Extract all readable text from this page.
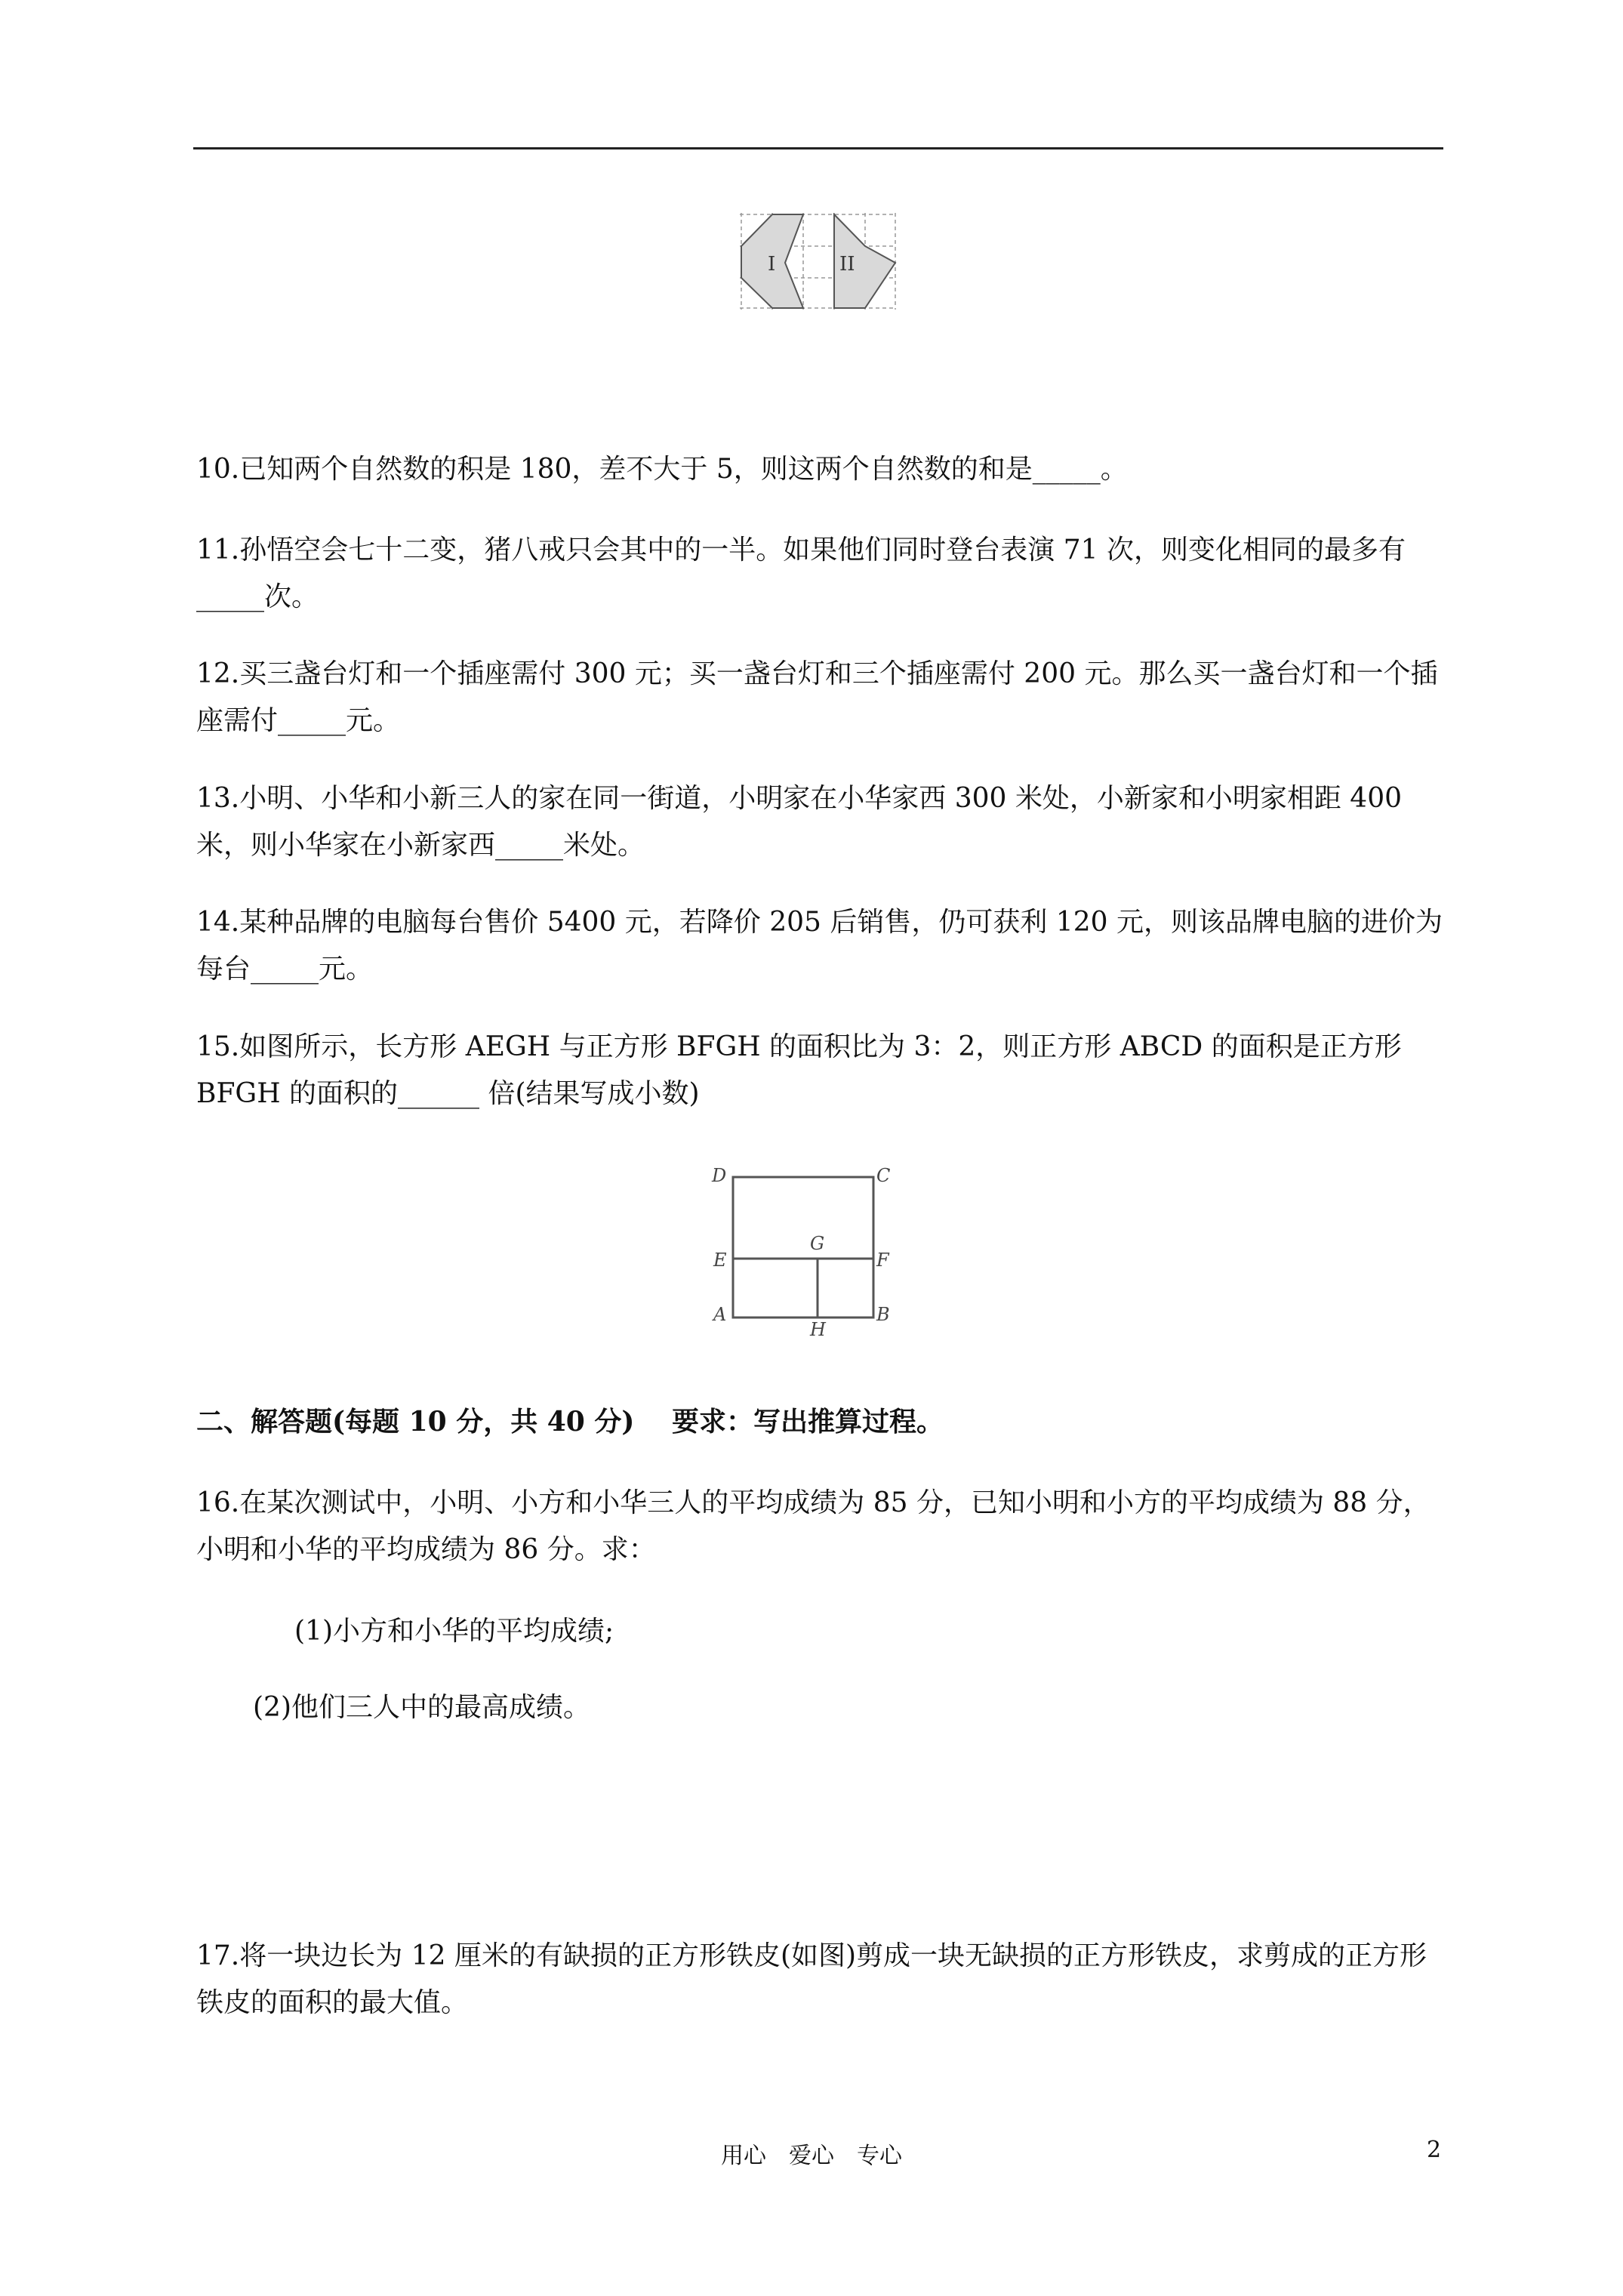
I	II
10.已知两个自然数的积是 180，差不大于 5，则这两个自然数的和是_____。
11.孙悟空会七十二变，猪八戒只会其中的一半。如果他们同时登台表演 71 次，则变化相同的最多有_____次。
12.买三盏台灯和一个插座需付 300 元；买一盏台灯和三个插座需付 200 元。那么买一盏台灯和一个插座需付_____元。
13.小明、小华和小新三人的家在同一街道，小明家在小华家西 300 米处，小新家和小明家相距 400 米，则小华家在小新家西_____米处。
14.某种品牌的电脑每台售价 5400 元，若降价 205 后销售，仍可获利 120 元，则该品牌电脑的进价为每台_____元。
15.如图所示，长方形 AEGH 与正方形 BFGH 的面积比为 3：2，则正方形 ABCD 的面积是正方形 BFGH 的面积的______ 倍(结果写成小数)
D	C
E
G
F
A
H
B
二、解答题(每题 10 分，共 40 分) 要求：写出推算过程。
16.在某次测试中，小明、小方和小华三人的平均成绩为 85 分，已知小明和小方的平均成绩为 88 分，小明和小华的平均成绩为 86 分。求：
(1)小方和小华的平均成绩;
(2)他们三人中的最高成绩。
17.将一块边长为 12 厘米的有缺损的正方形铁皮(如图)剪成一块无缺损的正方形铁皮，求剪成的正方形铁皮的面积的最大值。
用心　爱心　专心	2
